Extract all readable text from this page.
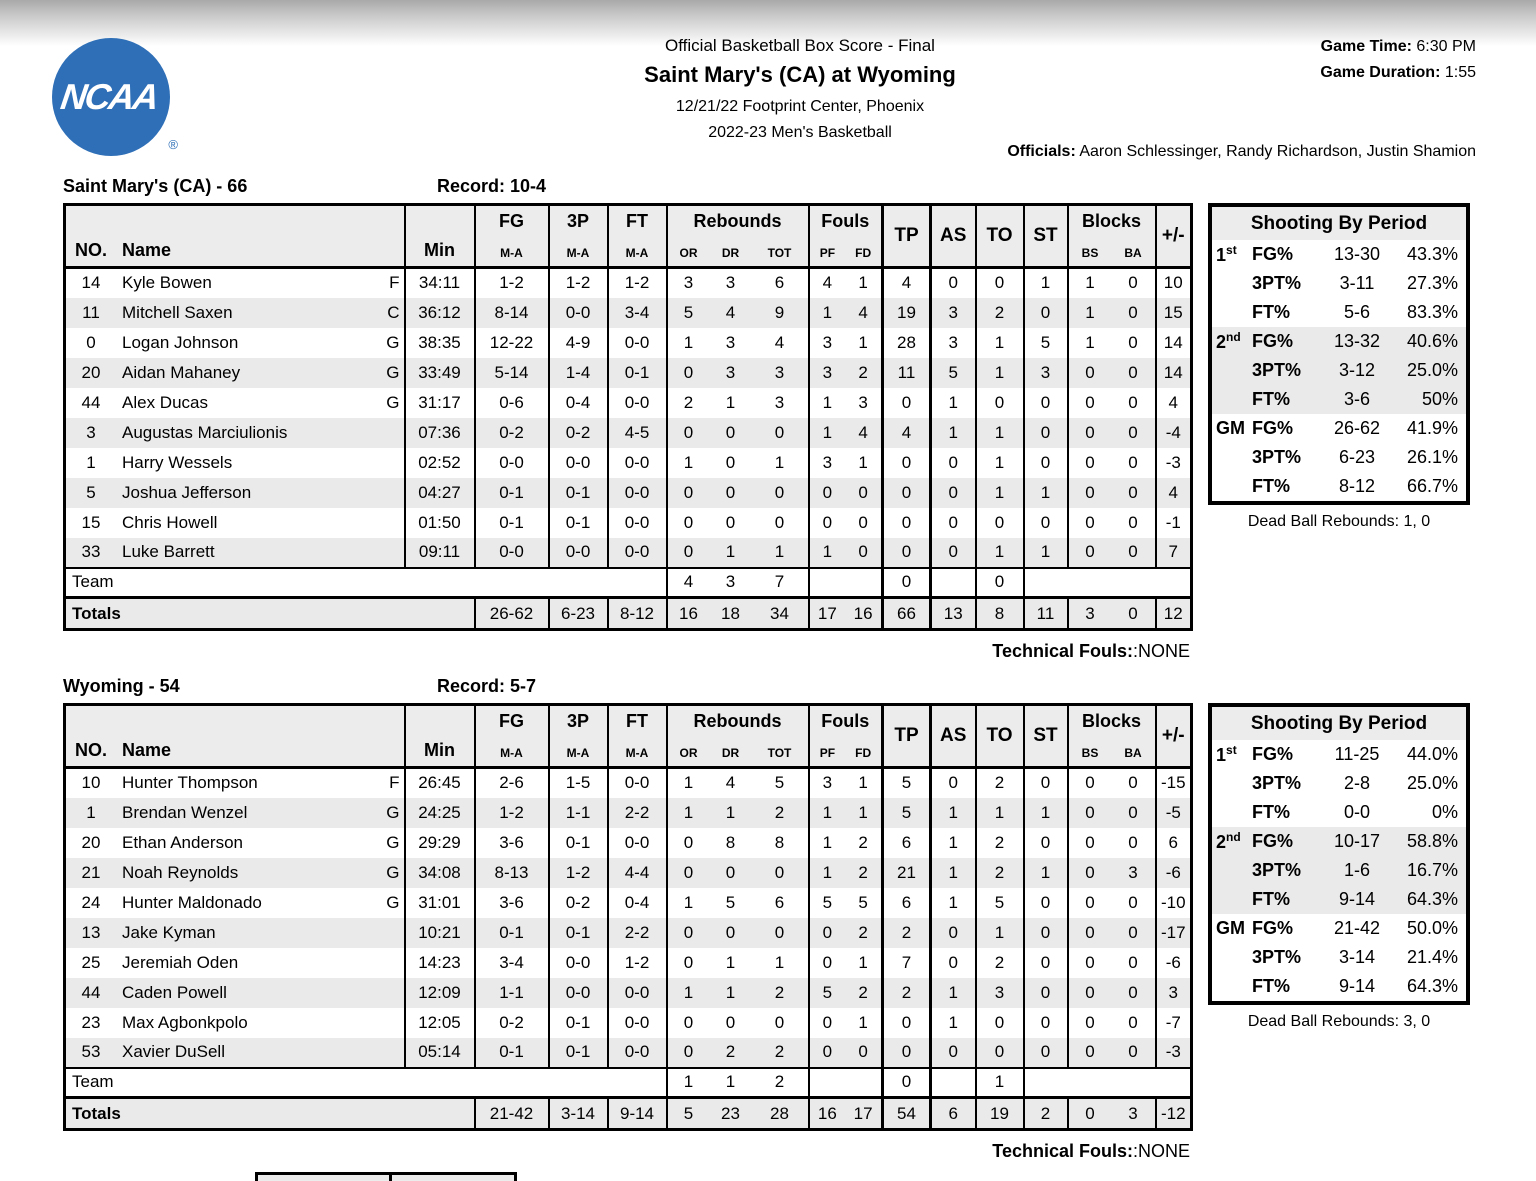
NCAA
®
Official Basketball Box Score - Final
Saint Mary's (CA) at Wyoming
12/21/22 Footprint Center, Phoenix
2022-23 Men's Basketball
Game Time: 6:30 PM
Game Duration: 1:55
Officials: Aaron Schlessinger, Randy Richardson, Justin Shamion
Saint Mary's (CA) - 66	Record: 10-4
NO. Name	Min	
FG
M-A

3P
M-A

FT
M-A

Rebounds
OR	DR	TOT

Fouls
PF	FD
	TP	AS	TO	ST	
Blocks
BS	BA
	+/-

14 Kyle Bowen F	34:11	1-2	1-2	1-2	3 3 6	4 1	4	0	0	1	1 0	10

11 Mitchell Saxen C	36:12	8-14	0-0	3-4	5 4 9	1 4	19	3	2	0	1 0	15

0 Logan Johnson G	38:35	12-22	4-9	0-0	1 3 4	3 1	28	3	1	5	1 0	14

20 Aidan Mahaney G	33:49	5-14	1-4	0-1	0 3 3	3 2	11	5	1	3	0 0	14

44 Alex Ducas G	31:17	0-6	0-4	0-0	2 1 3	1 3	0	1	0	0	0 0	4

3 Augustas Marciulionis	07:36	0-2	0-2	4-5	0 0 0	1 4	4	1	1	0	0 0	-4

1 Harry Wessels	02:52	0-0	0-0	0-0	1 0 1	3 1	0	0	1	0	0 0	-3

5 Joshua Jefferson	04:27	0-1	0-1	0-0	0 0 0	0 0	0	0	1	1	0 0	4

15 Chris Howell	01:50	0-1	0-1	0-0	0 0 0	0 0	0	0	0	0	0 0	-1

33 Luke Barrett	09:11	0-0	0-0	0-0	0 1 1	1 0	0	0	1	1	0 0	7
Team					4 3 7		0		0			
Totals		26-62	6-23	8-12	16 18 34	17 16	66	13	8	11	3 0	12
Technical Fouls::NONE
Shooting By Period
1st FG%	13-30	43.3%
3PT%	3-11	27.3%
FT%	5-6	83.3%
2nd FG%	13-32	40.6%
3PT%	3-12	25.0%
FT%	3-6	50%
GM FG%	26-62	41.9%
3PT%	6-23	26.1%
FT%	8-12	66.7%
Dead Ball Rebounds: 1, 0
Wyoming - 54	Record: 5-7
NO. Name	Min	
FG
M-A

3P
M-A

FT
M-A

Rebounds
OR	DR	TOT

Fouls
PF	FD
	TP	AS	TO	ST	
Blocks
BS	BA
	+/-

10 Hunter Thompson F	26:45	2-6	1-5	0-0	1 4 5	3 1	5	0	2	0	0 0	-15

1 Brendan Wenzel G	24:25	1-2	1-1	2-2	1 1 2	1 1	5	1	1	1	0 0	-5

20 Ethan Anderson G	29:29	3-6	0-1	0-0	0 8 8	1 2	6	1	2	0	0 0	6

21 Noah Reynolds G	34:08	8-13	1-2	4-4	0 0 0	1 2	21	1	2	1	0 3	-6

24 Hunter Maldonado G	31:01	3-6	0-2	0-4	1 5 6	5 5	6	1	5	0	0 0	-10

13 Jake Kyman	10:21	0-1	0-1	2-2	0 0 0	0 2	2	0	1	0	0 0	-17

25 Jeremiah Oden	14:23	3-4	0-0	1-2	0 1 1	0 1	7	0	2	0	0 0	-6

44 Caden Powell	12:09	1-1	0-0	0-0	1 1 2	5 2	2	1	3	0	0 0	3

23 Max Agbonkpolo	12:05	0-2	0-1	0-0	0 0 0	0 1	0	1	0	0	0 0	-7

53 Xavier DuSell	05:14	0-1	0-1	0-0	0 2 2	0 0	0	0	0	0	0 0	-3
Team					1 1 2		0		1			
Totals		21-42	3-14	9-14	5 23 28	16 17	54	6	19	2	0 3	-12
Technical Fouls::NONE
Shooting By Period
1st FG%	11-25	44.0%
3PT%	2-8	25.0%
FT%	0-0	0%
2nd FG%	10-17	58.8%
3PT%	1-6	16.7%
FT%	9-14	64.3%
GM FG%	21-42	50.0%
3PT%	3-14	21.4%
FT%	9-14	64.3%
Dead Ball Rebounds: 3, 0
